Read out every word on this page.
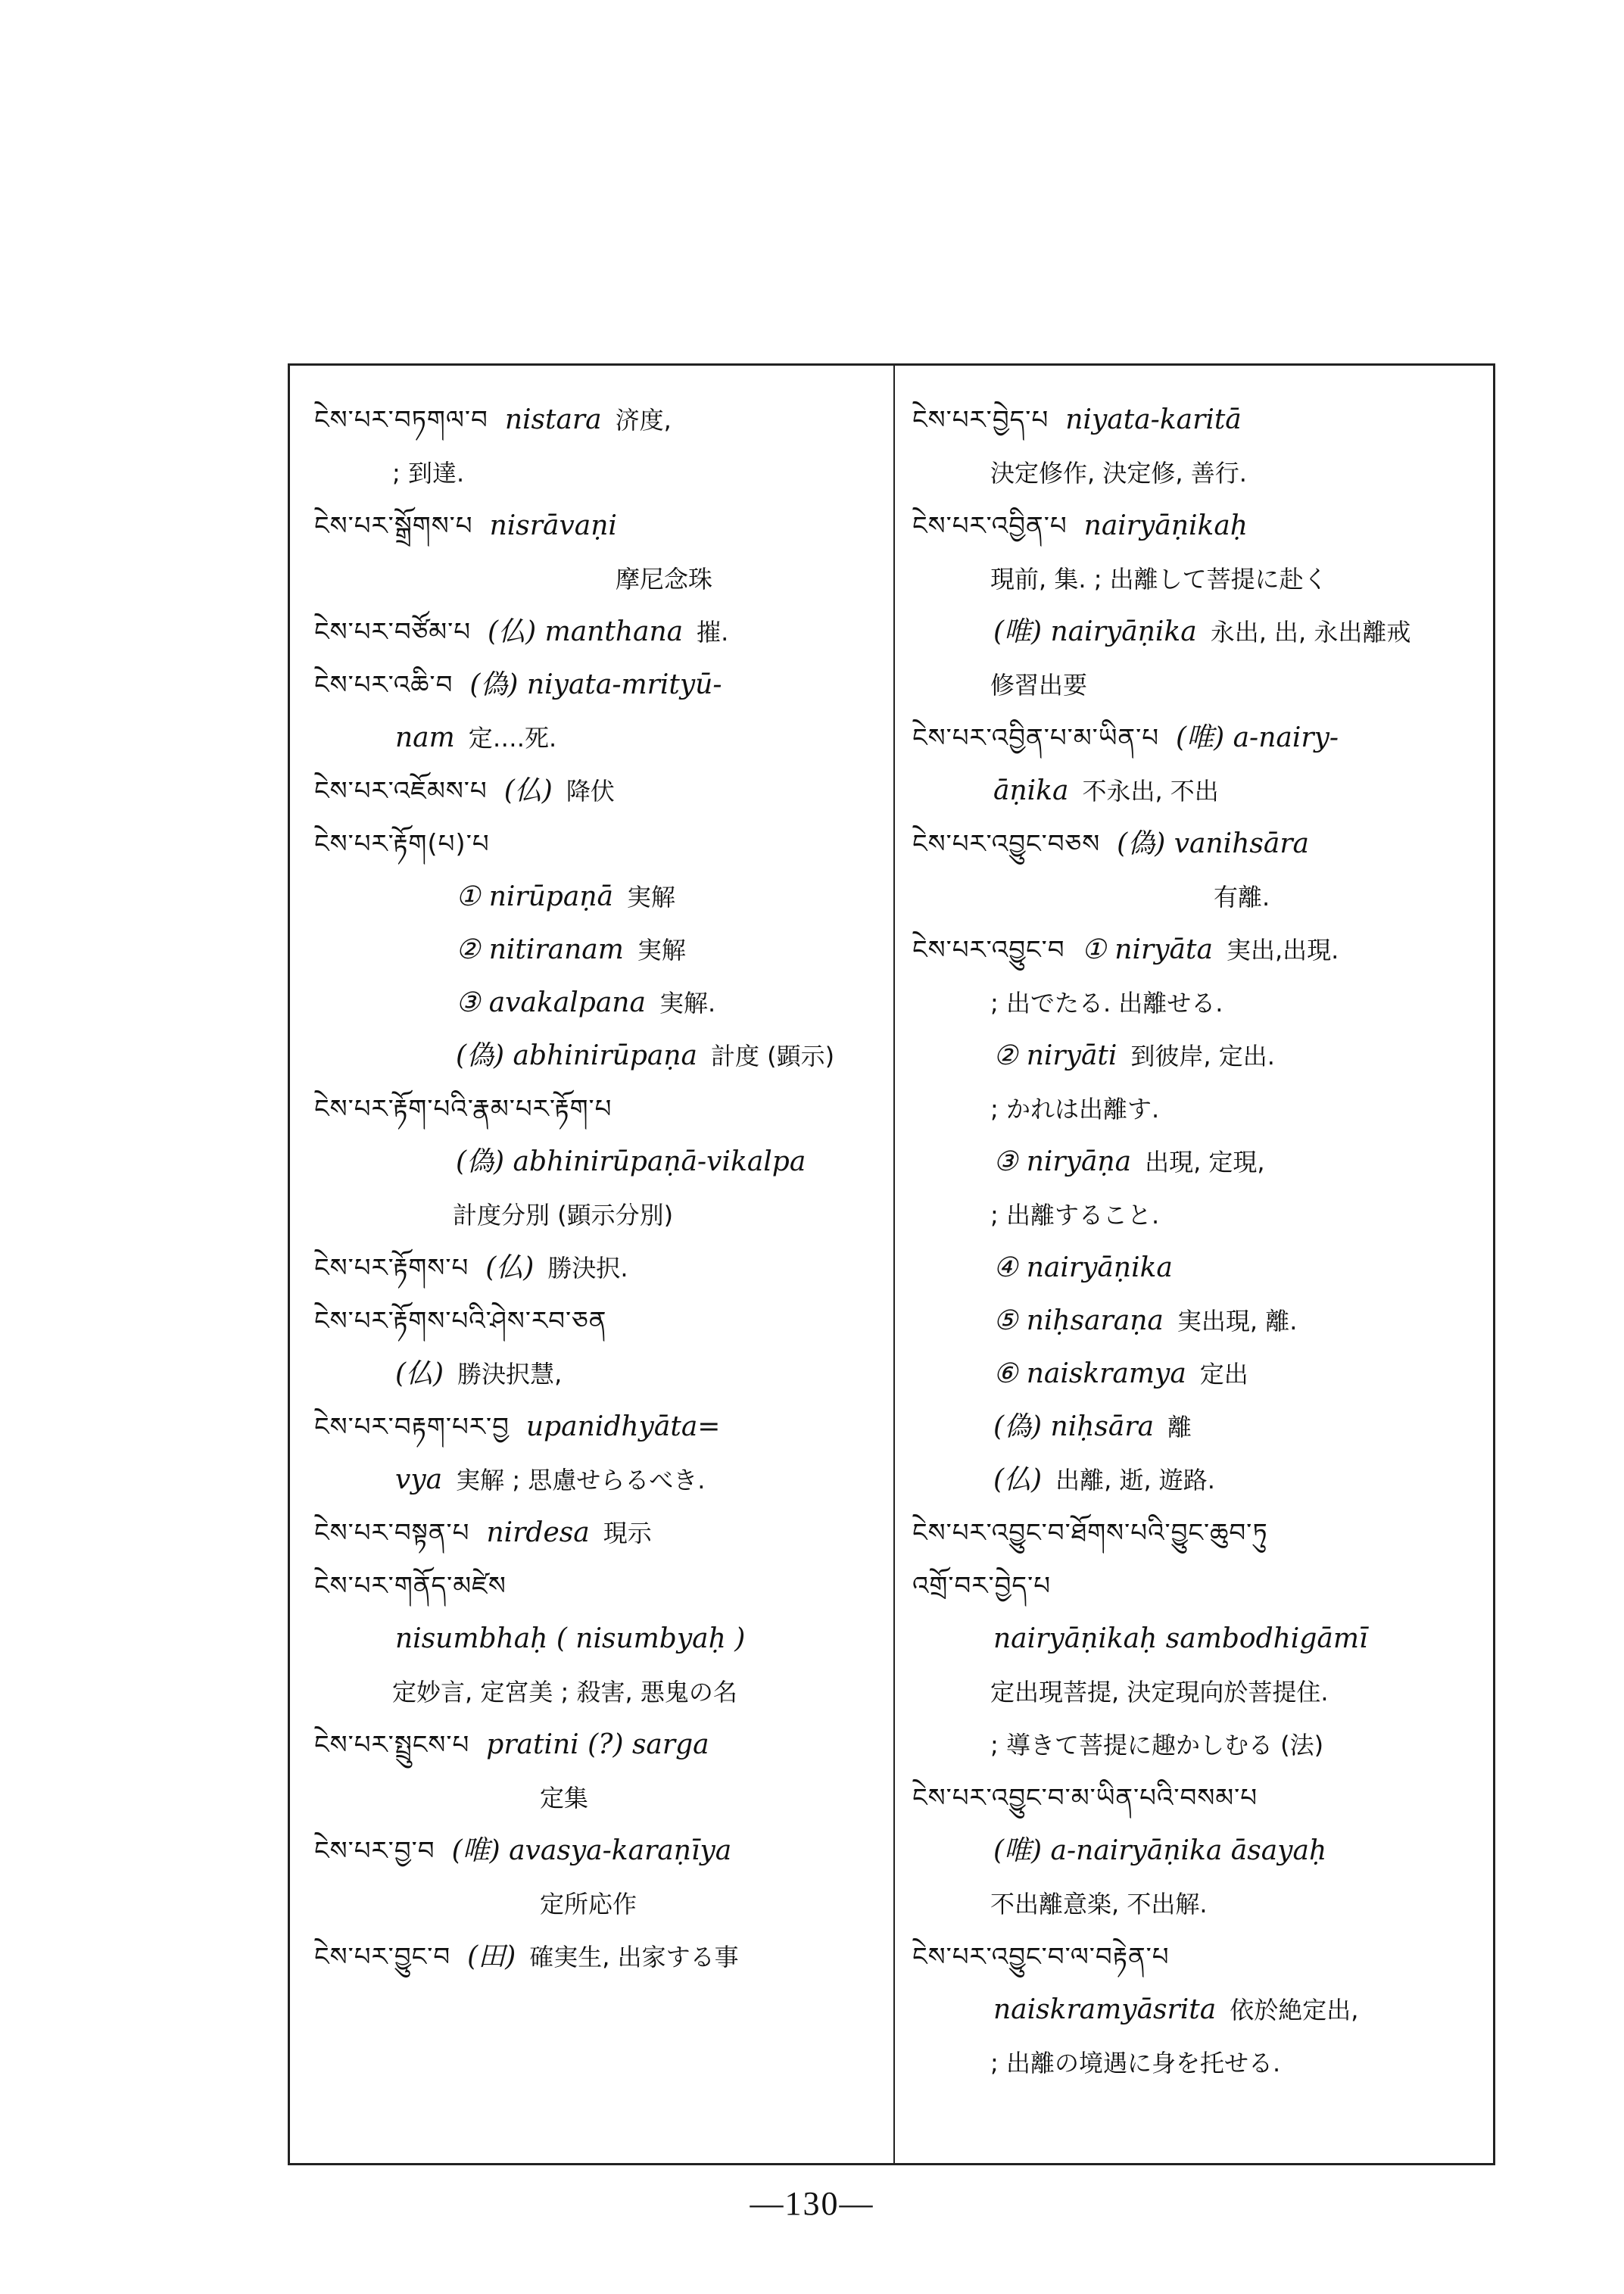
ངེས་པར་བཏགལ་བ nistara 济度,
; 到達.
ངེས་པར་སྒྲོགས་པ nisrāvaṇi
摩尼念珠
ངེས་པར་བཙོམ་པ (仏) manthana 摧.
ངེས་པར་འཆི་བ (偽) niyata-mrityū-
nam 定….死.
ངེས་པར་འཇོམས་པ (仏) 降伏
ངེས་པར་རྟོག(པ)་པ
① nirūpaṇā 実解
② nitiranam 実解
③ avakalpana 実解.
(偽) abhinirūpaṇa 計度 (顕示)
ངེས་པར་རྟོག་པའི་རྣམ་པར་རྟོག་པ
(偽) abhinirūpaṇā-vikalpa
計度分別 (顕示分別)
ངེས་པར་རྟོགས་པ (仏) 勝決択.
ངེས་པར་རྟོགས་པའི་ཤེས་རབ་ཅན
(仏) 勝決択慧,
ངེས་པར་བརྟག་པར་བྱ upanidhyāta=
vya 実解 ; 思慮せらるべき.
ངེས་པར་བསྟན་པ nirdesa 現示
ངེས་པར་གནོད་མཛེས
nisumbhaḥ ( nisumbyaḥ )
定妙言, 定宮美 ; 殺害, 悪鬼の名
ངེས་པར་སྤྲུངས་པ pratini (?) sarga
定集
ངེས་པར་བྱ་བ (唯) avasya-karaṇīya
定所応作
ངེས་པར་བྱུང་བ (田) 確実生, 出家する事
ངེས་པར་བྱེད་པ niyata-karitā
決定修作, 決定修, 善行.
ངེས་པར་འབྱིན་པ nairyāṇikaḥ
現前, 集. ; 出離して菩提に赴く
(唯) nairyāṇika 永出, 出, 永出離戒
修習出要
ངེས་པར་འབྱིན་པ་མ་ཡིན་པ (唯) a-nairy-
āṇika 不永出, 不出
ངེས་པར་འབྱུང་བཅས (偽) vanihsāra
有離.
ངེས་པར་འབྱུང་བ ① niryāta 実出,出現.
; 出でたる. 出離せる.
② niryāti 到彼岸, 定出.
; かれは出離す.
③ niryāṇa 出現, 定現,
; 出離すること.
④ nairyāṇika
⑤ niḥsaraṇa 実出現, 離.
⑥ naiskramya 定出
(偽) niḥsāra 離
(仏) 出離, 逝, 遊路.
ངེས་པར་འབྱུང་བ་ཐོགས་པའི་བྱུང་ཆུབ་ཏུ
འགྲོ་བར་བྱེད་པ
nairyāṇikaḥ sambodhigāmī
定出現菩提, 決定現向於菩提住.
; 導きて菩提に趣かしむる (法)
ངེས་པར་འབྱུང་བ་མ་ཡིན་པའི་བསམ་པ
(唯) a-nairyāṇika āsayaḥ
不出離意楽, 不出解.
ངེས་པར་འབྱུང་བ་ལ་བརྟེན་པ
naiskramyāsrita 依於絶定出,
; 出離の境遇に身を托せる.
—130—
